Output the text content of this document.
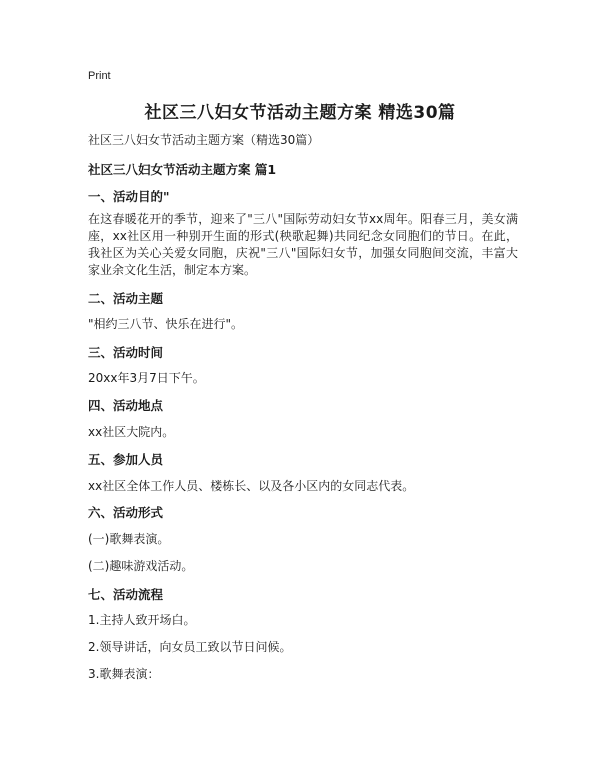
Print
社区三八妇女节活动主题方案 精选30篇
社区三八妇女节活动主题方案（精选30篇）
社区三八妇女节活动主题方案 篇1
一、活动目的"
在这春暖花开的季节，迎来了"三八"国际劳动妇女节xx周年。阳春三月，美女满座，xx社区用一种别开生面的形式(秧歌起舞)共同纪念女同胞们的节日。在此，我社区为关心关爱女同胞，庆祝"三八"国际妇女节，加强女同胞间交流，丰富大家业余文化生活，制定本方案。
二、活动主题
"相约三八节、快乐在进行"。
三、活动时间
20xx年3月7日下午。
四、活动地点
xx社区大院内。
五、参加人员
xx社区全体工作人员、楼栋长、以及各小区内的女同志代表。
六、活动形式
(一)歌舞表演。
(二)趣味游戏活动。
七、活动流程
1.主持人致开场白。
2.领导讲话，向女员工致以节日问候。
3.歌舞表演：
